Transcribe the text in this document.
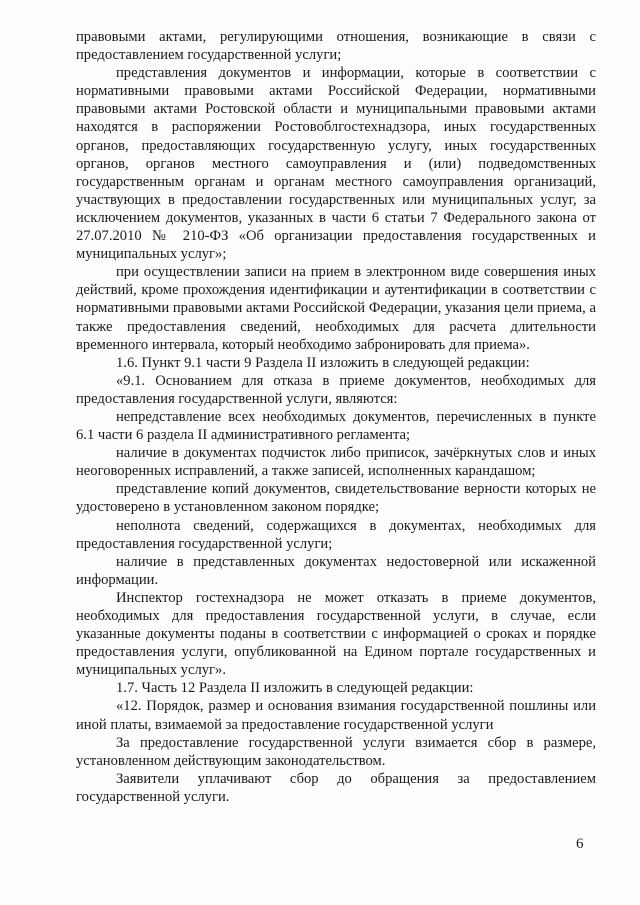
правовыми актами, регулирующими отношения, возникающие в связи с предоставлением государственной услуги;

представления документов и информации, которые в соответствии с нормативными правовыми актами Российской Федерации, нормативными правовыми актами Ростовской области и муниципальными правовыми актами находятся в распоряжении Ростовоблгостехнадзора, иных государственных органов, предоставляющих государственную услугу, иных государственных органов, органов местного самоуправления и (или) подведомственных государственным органам и органам местного самоуправления организаций, участвующих в предоставлении государственных или муниципальных услуг, за исключением документов, указанных в части 6 статьи 7 Федерального закона от 27.07.2010 № 210-ФЗ «Об организации предоставления государственных и муниципальных услуг»;

при осуществлении записи на прием в электронном виде совершения иных действий, кроме прохождения идентификации и аутентификации в соответствии с нормативными правовыми актами Российской Федерации, указания цели приема, а также предоставления сведений, необходимых для расчета длительности временного интервала, который необходимо забронировать для приема».

1.6. Пункт 9.1 части 9 Раздела II изложить в следующей редакции:

«9.1. Основанием для отказа в приеме документов, необходимых для предоставления государственной услуги, являются:

непредставление всех необходимых документов, перечисленных в пункте 6.1 части 6 раздела II административного регламента;

наличие в документах подчисток либо приписок, зачёркнутых слов и иных неоговоренных исправлений, а также записей, исполненных карандашом;

представление копий документов, свидетельствование верности которых не удостоверено в установленном законом порядке;

неполнота сведений, содержащихся в документах, необходимых для предоставления государственной услуги;

наличие в представленных документах недостоверной или искаженной информации.

Инспектор гостехнадзора не может отказать в приеме документов, необходимых для предоставления государственной услуги, в случае, если указанные документы поданы в соответствии с информацией о сроках и порядке предоставления услуги, опубликованной на Едином портале государственных и муниципальных услуг».

1.7. Часть 12 Раздела II изложить в следующей редакции:

«12. Порядок, размер и основания взимания государственной пошлины или иной платы, взимаемой за предоставление государственной услуги

За предоставление государственной услуги взимается сбор в размере, установленном действующим законодательством.

Заявители уплачивают сбор до обращения за предоставлением государственной услуги.

6
